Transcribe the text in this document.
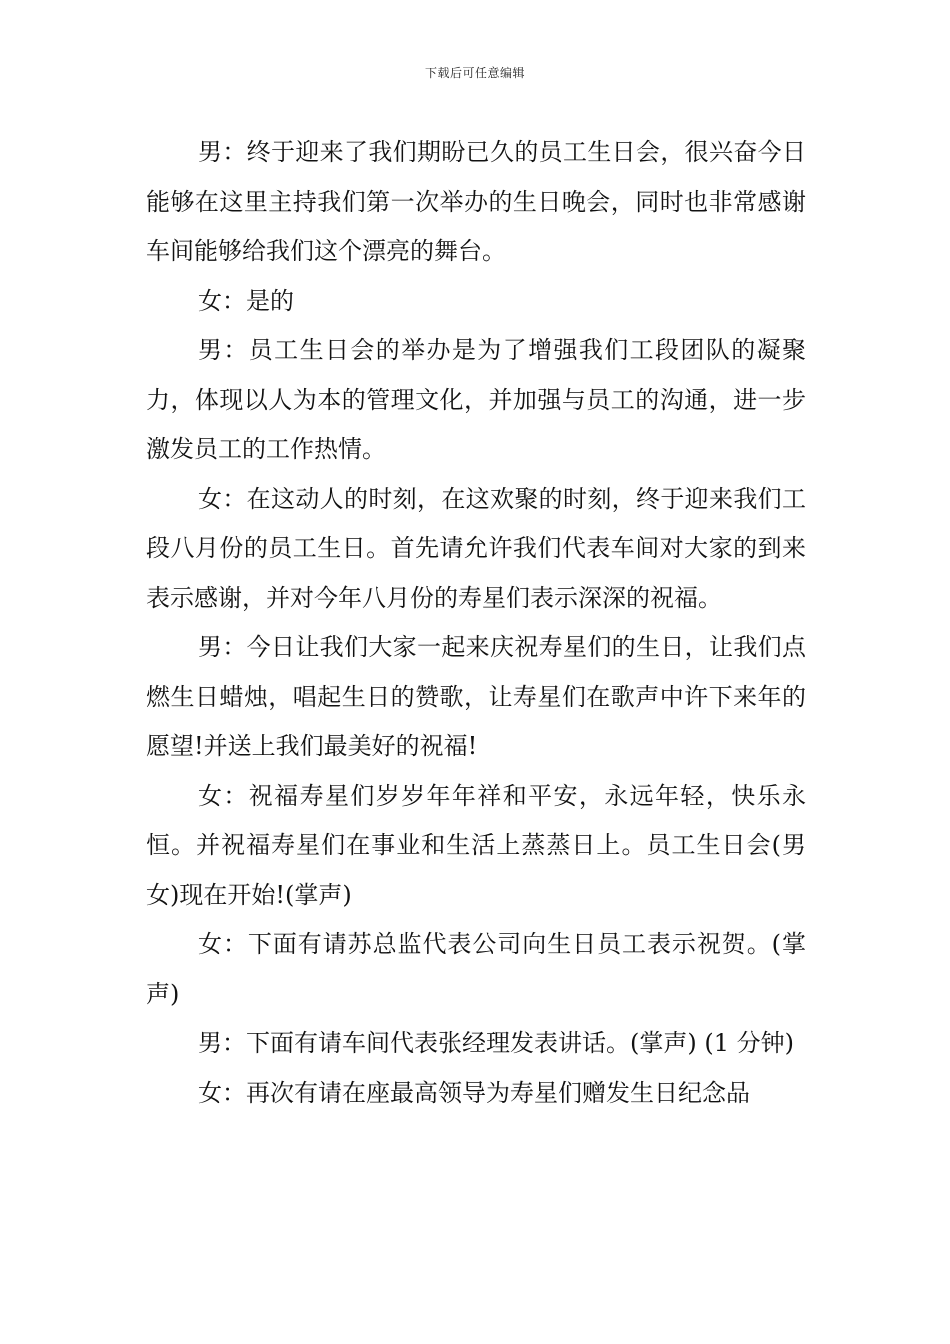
下载后可任意编辑

男：终于迎来了我们期盼已久的员工生日会，很兴奋今日能够在这里主持我们第一次举办的生日晚会，同时也非常感谢车间能够给我们这个漂亮的舞台。

女：是的

男：员工生日会的举办是为了增强我们工段团队的凝聚力，体现以人为本的管理文化，并加强与员工的沟通，进一步激发员工的工作热情。

女：在这动人的时刻，在这欢聚的时刻，终于迎来我们工段八月份的员工生日。首先请允许我们代表车间对大家的到来表示感谢，并对今年八月份的寿星们表示深深的祝福。

男：今日让我们大家一起来庆祝寿星们的生日，让我们点燃生日蜡烛，唱起生日的赞歌，让寿星们在歌声中许下来年的愿望!并送上我们最美好的祝福!

女：祝福寿星们岁岁年年祥和平安，永远年轻，快乐永恒。并祝福寿星们在事业和生活上蒸蒸日上。员工生日会(男女)现在开始!(掌声)

女：下面有请苏总监代表公司向生日员工表示祝贺。(掌声)

男：下面有请车间代表张经理发表讲话。(掌声) (1 分钟)

女：再次有请在座最高领导为寿星们赠发生日纪念品
